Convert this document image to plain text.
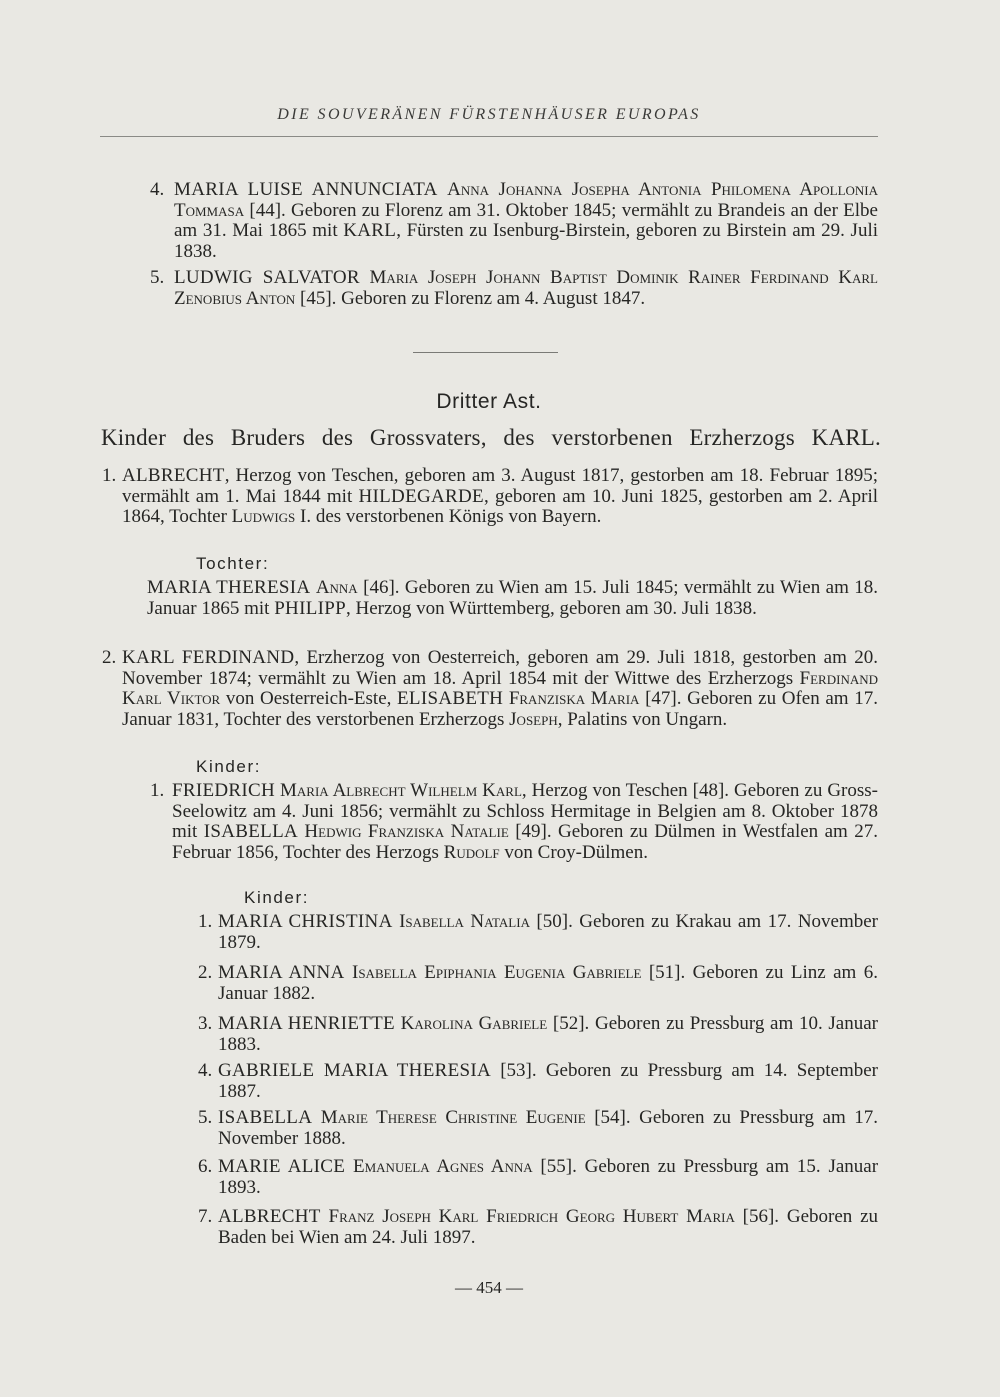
DIE SOUVERÄNEN FÜRSTENHÄUSER EUROPAS
4. MARIA LUISE ANNUNCIATA Anna Johanna Josepha Antonia Philomena Apollonia Tommasa [44]. Geboren zu Florenz am 31. Oktober 1845; vermählt zu Brandeis an der Elbe am 31. Mai 1865 mit KARL, Fürsten zu Isenburg-Birstein, geboren zu Birstein am 29. Juli 1838.

5. LUDWIG SALVATOR Maria Joseph Johann Baptist Dominik Rainer Ferdinand Karl Zenobius Anton [45]. Geboren zu Florenz am 4. August 1847.

Dritter Ast.
Kinder des Bruders des Grossvaters, des verstorbenen Erzherzogs KARL.
1. ALBRECHT, Herzog von Teschen, geboren am 3. August 1817, gestorben am 18. Februar 1895; vermählt am 1. Mai 1844 mit HILDEGARDE, geboren am 10. Juni 1825, gestorben am 2. April 1864, Tochter Ludwigs I. des verstorbenen Königs von Bayern.

Tochter:

MARIA THERESIA Anna [46]. Geboren zu Wien am 15. Juli 1845; vermählt zu Wien am 18. Januar 1865 mit PHILIPP, Herzog von Württemberg, geboren am 30. Juli 1838.

2. KARL FERDINAND, Erzherzog von Oesterreich, geboren am 29. Juli 1818, gestorben am 20. November 1874; vermählt zu Wien am 18. April 1854 mit der Wittwe des Erzherzogs Ferdinand Karl Viktor von Oesterreich-Este, ELISABETH Franziska Maria [47]. Geboren zu Ofen am 17. Januar 1831, Tochter des verstorbenen Erzherzogs Joseph, Palatins von Ungarn.

Kinder:
1. FRIEDRICH Maria Albrecht Wilhelm Karl, Herzog von Teschen [48]. Geboren zu Gross-Seelowitz am 4. Juni 1856; vermählt zu Schloss Hermitage in Belgien am 8. Oktober 1878 mit ISABELLA Hedwig Franziska Natalie [49]. Geboren zu Dülmen in Westfalen am 27. Februar 1856, Tochter des Herzogs Rudolf von Croy-Dülmen.

Kinder:
1. MARIA CHRISTINA Isabella Natalia [50]. Geboren zu Krakau am 17. November 1879.

2. MARIA ANNA Isabella Epiphania Eugenia Gabriele [51]. Geboren zu Linz am 6. Januar 1882.

3. MARIA HENRIETTE Karolina Gabriele [52]. Geboren zu Pressburg am 10. Januar 1883.

4. GABRIELE MARIA THERESIA [53]. Geboren zu Pressburg am 14. September 1887.

5. ISABELLA Marie Therese Christine Eugenie [54]. Geboren zu Pressburg am 17. November 1888.

6. MARIE ALICE Emanuela Agnes Anna [55]. Geboren zu Pressburg am 15. Januar 1893.

7. ALBRECHT Franz Joseph Karl Friedrich Georg Hubert Maria [56]. Geboren zu Baden bei Wien am 24. Juli 1897.

— 454 —
